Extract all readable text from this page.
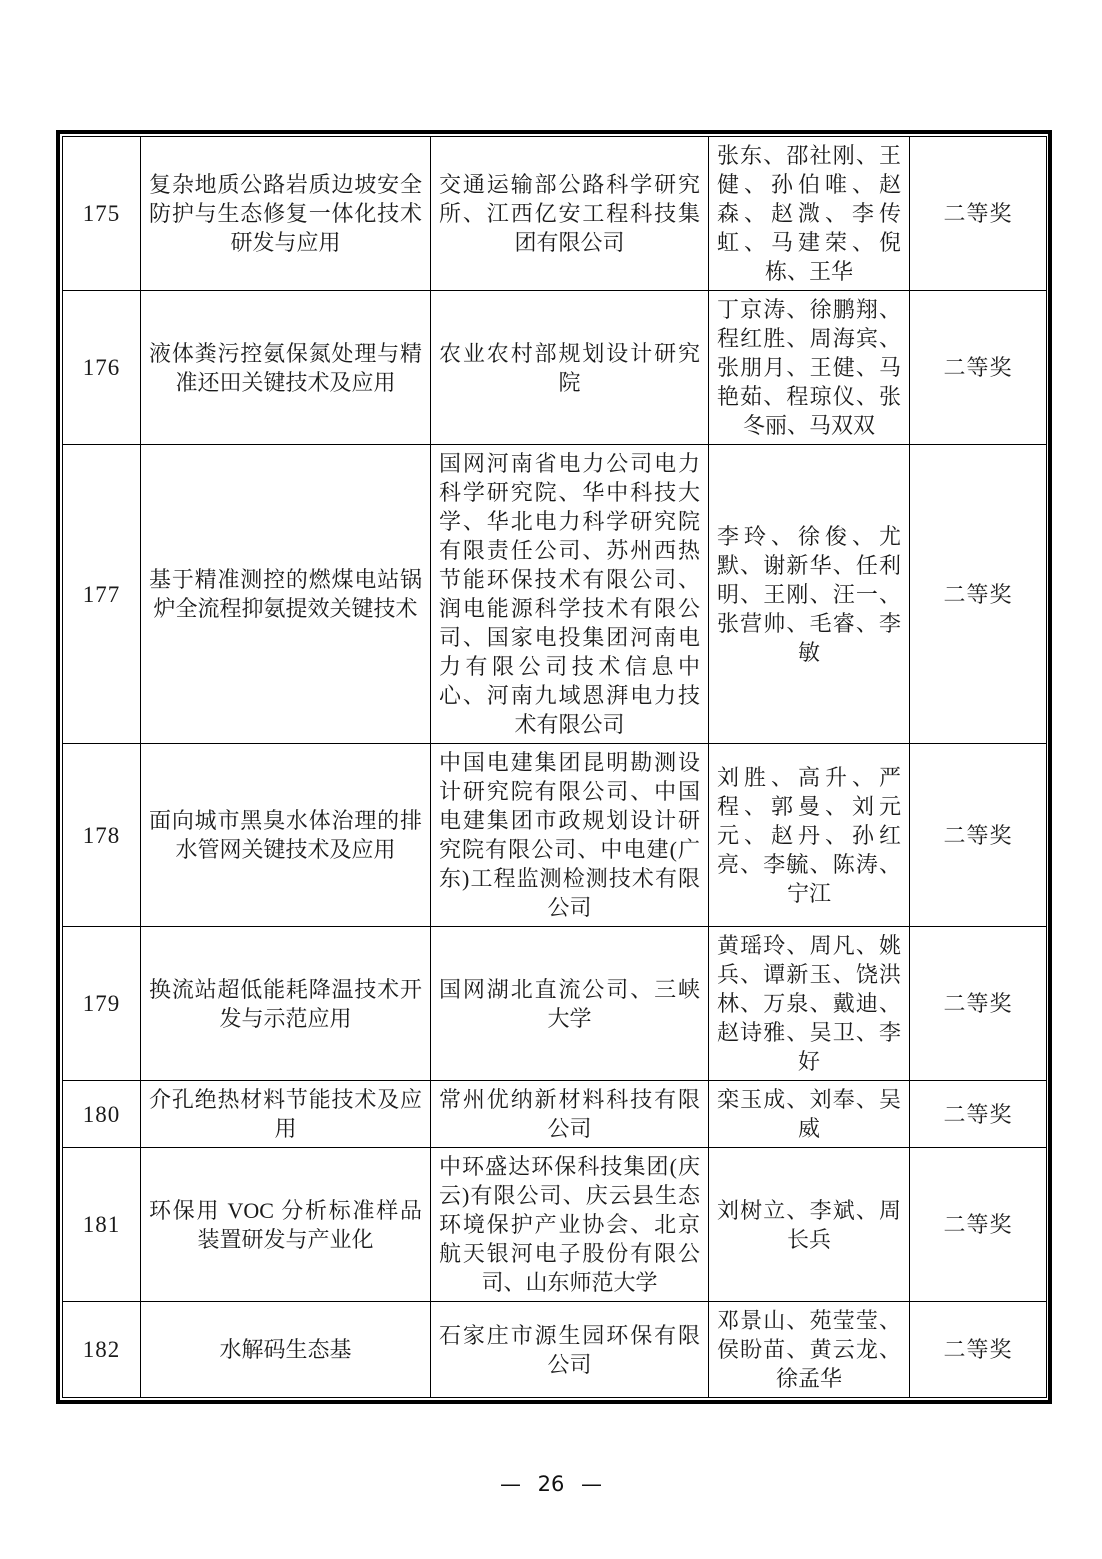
175	复杂地质公路岩质边坡安全防护与生态修复一体化技术研发与应用	交通运输部公路科学研究所、江西亿安工程科技集团有限公司	张东、邵社刚、王健、孙伯唯、赵森、赵溦、李传虹、马建荣、倪栋、王华	二等奖
176	液体粪污控氨保氮处理与精准还田关键技术及应用	农业农村部规划设计研究院	丁京涛、徐鹏翔、程红胜、周海宾、张朋月、王健、马艳茹、程琼仪、张冬丽、马双双	二等奖
177	基于精准测控的燃煤电站锅炉全流程抑氨提效关键技术	国网河南省电力公司电力科学研究院、华中科技大学、华北电力科学研究院有限责任公司、苏州西热节能环保技术有限公司、润电能源科学技术有限公司、国家电投集团河南电力有限公司技术信息中心、河南九域恩湃电力技术有限公司	李玲、徐俊、尤默、谢新华、任利明、王刚、汪一、张营帅、毛睿、李敏	二等奖
178	面向城市黑臭水体治理的排水管网关键技术及应用	中国电建集团昆明勘测设计研究院有限公司、中国电建集团市政规划设计研究院有限公司、中电建(广东)工程监测检测技术有限公司	刘胜、高升、严程、郭曼、刘元元、赵丹、孙红亮、李毓、陈涛、宁江	二等奖
179	换流站超低能耗降温技术开发与示范应用	国网湖北直流公司、三峡大学	黄瑶玲、周凡、姚兵、谭新玉、饶洪林、万泉、戴迪、赵诗雅、吴卫、李好	二等奖
180	介孔绝热材料节能技术及应用	常州优纳新材料科技有限公司	栾玉成、刘奉、吴威	二等奖
181	环保用 VOC 分析标准样品装置研发与产业化	中环盛达环保科技集团(庆云)有限公司、庆云县生态环境保护产业协会、北京航天银河电子股份有限公司、山东师范大学	刘树立、李斌、周长兵	二等奖
182	水解码生态基	石家庄市源生园环保有限公司	邓景山、苑莹莹、侯盼苗、黄云龙、徐孟华	二等奖
— 26 —
